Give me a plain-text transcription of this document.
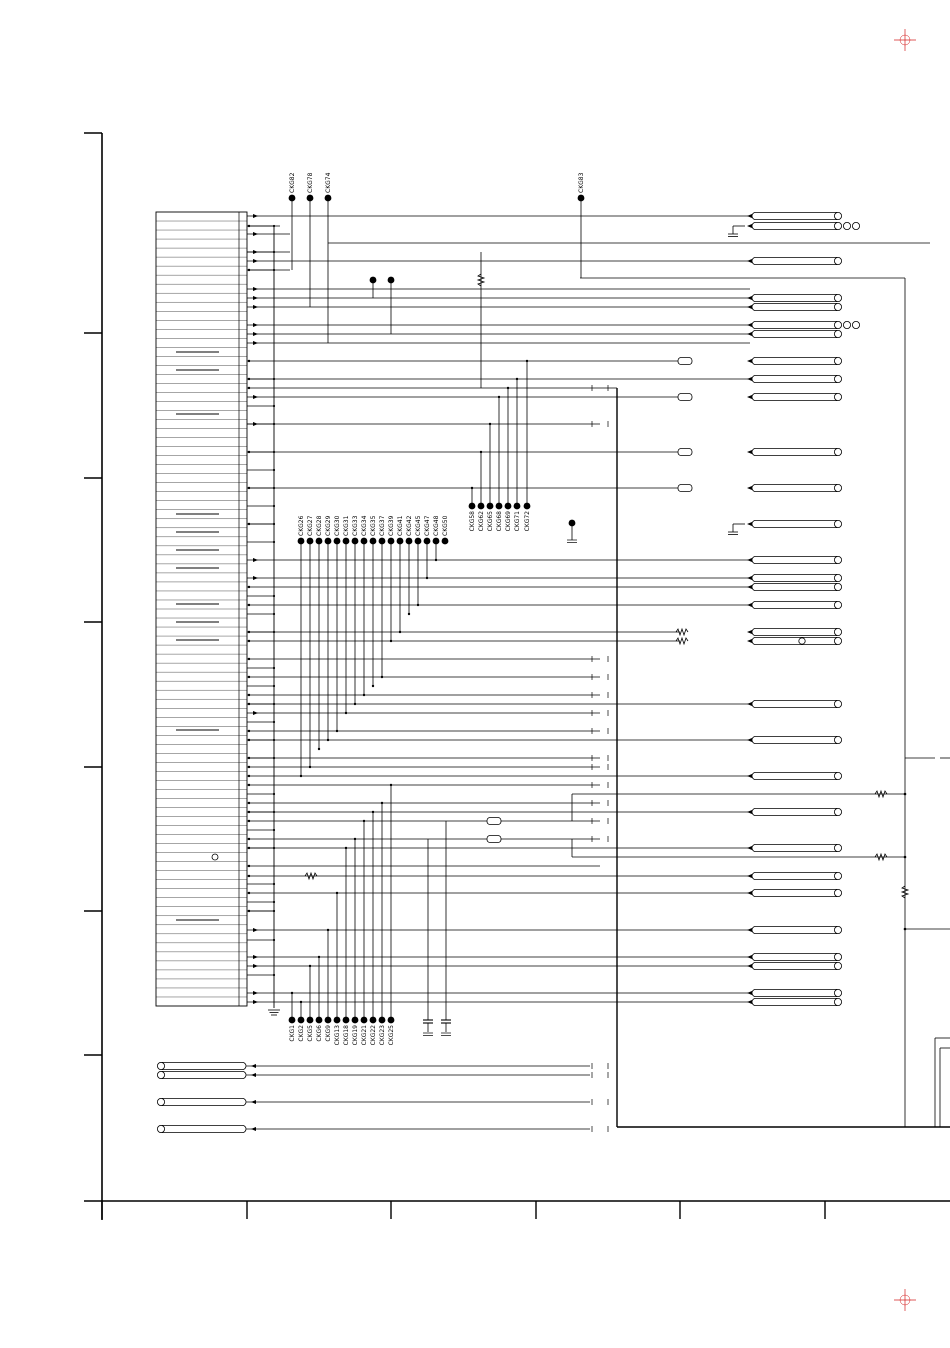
CKG82 CKG78 CKG74	CKG83
CKG58 CKG62 CKG65 CKG68 CKG69 CKG71 CKG72
CKG26 CKG27 CKG28 CKG29 CKG30 CKG31 CKG33 CKG34 CKG35 CKG37 CKG39 CKG41 CKG42 CKG45 CKG47 CKG48 CKG50
CKG1 CKG2 CKG5 CKG6 CKG9 CKG13 CKG18 CKG19 CKG21 CKG22 CKG23 CKG25
